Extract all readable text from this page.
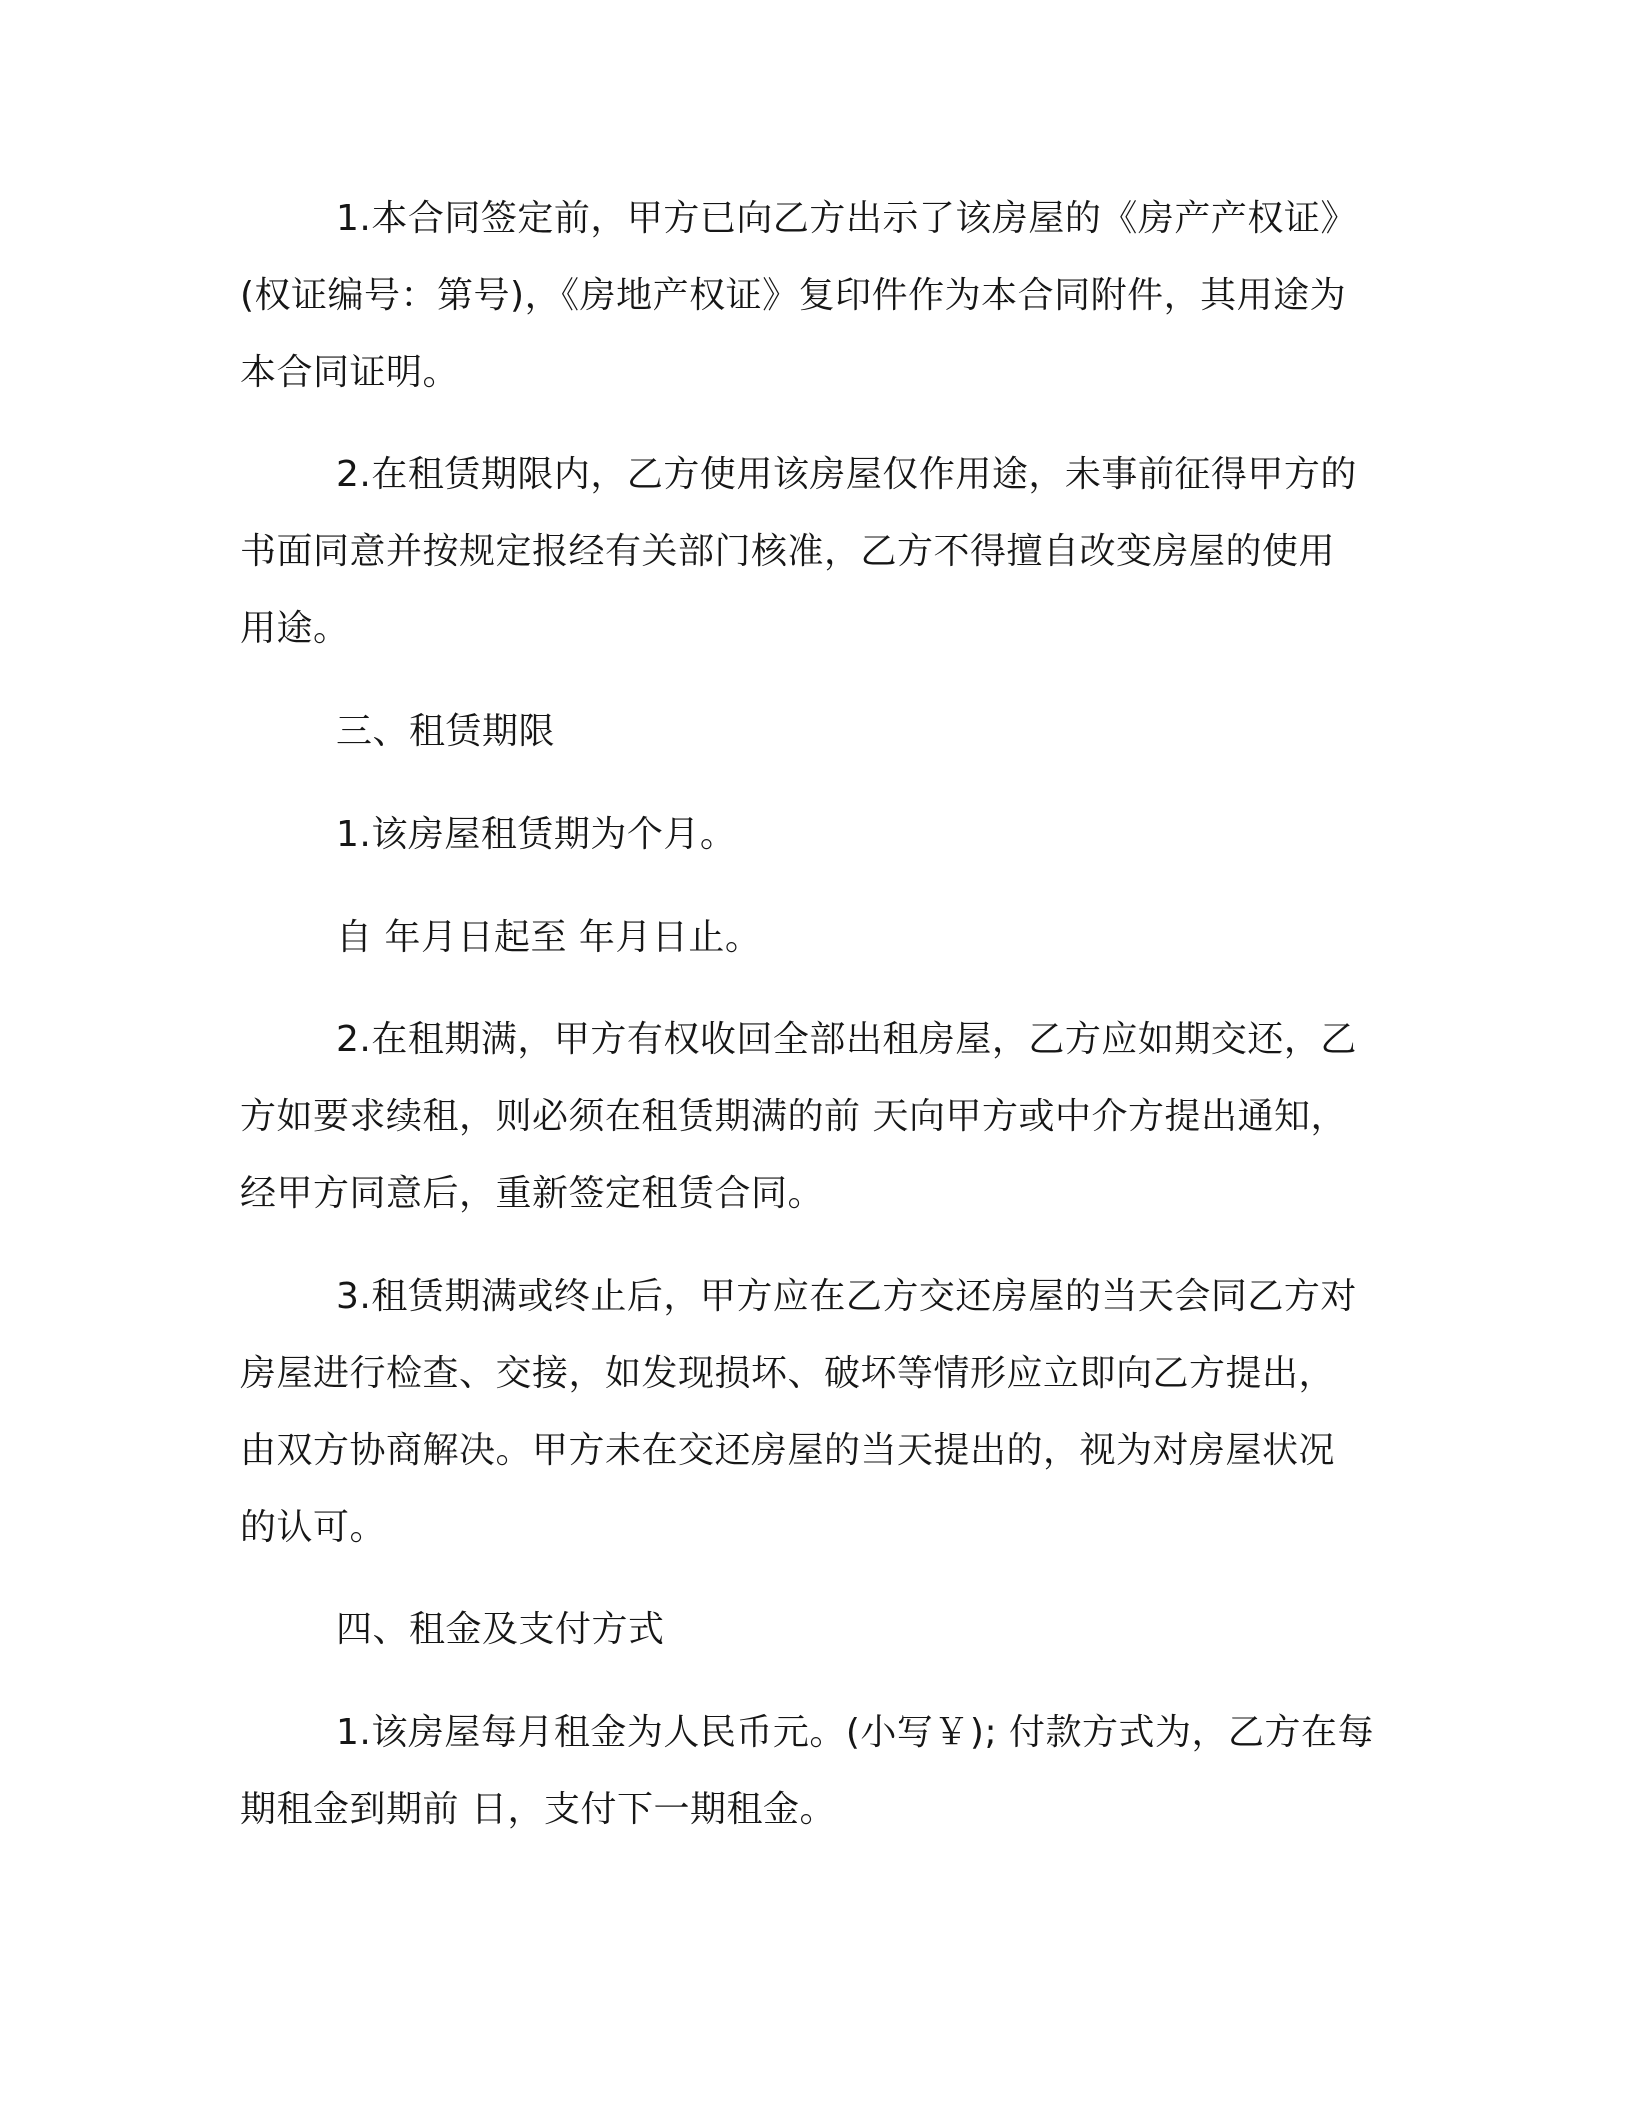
1.本合同签定前，甲方已向乙方出示了该房屋的《房产产权证》

(权证编号：第号)，《房地产权证》复印件作为本合同附件，其用途为
本合同证明。

2.在租赁期限内，乙方使用该房屋仅作用途，未事前征得甲方的

书面同意并按规定报经有关部门核准，乙方不得擅自改变房屋的使用
用途。

三、租赁期限

1.该房屋租赁期为个月。

自 年月日起至 年月日止。

2.在租期满，甲方有权收回全部出租房屋，乙方应如期交还，乙

方如要求续租，则必须在租赁期满的前 天向甲方或中介方提出通知，
经甲方同意后，重新签定租赁合同。

3.租赁期满或终止后，甲方应在乙方交还房屋的当天会同乙方对

房屋进行检查、交接，如发现损坏、破坏等情形应立即向乙方提出，
由双方协商解决。甲方未在交还房屋的当天提出的，视为对房屋状况
的认可。

四、租金及支付方式

1.该房屋每月租金为人民币元。(小写￥); 付款方式为，乙方在每

期租金到期前 日，支付下一期租金。
